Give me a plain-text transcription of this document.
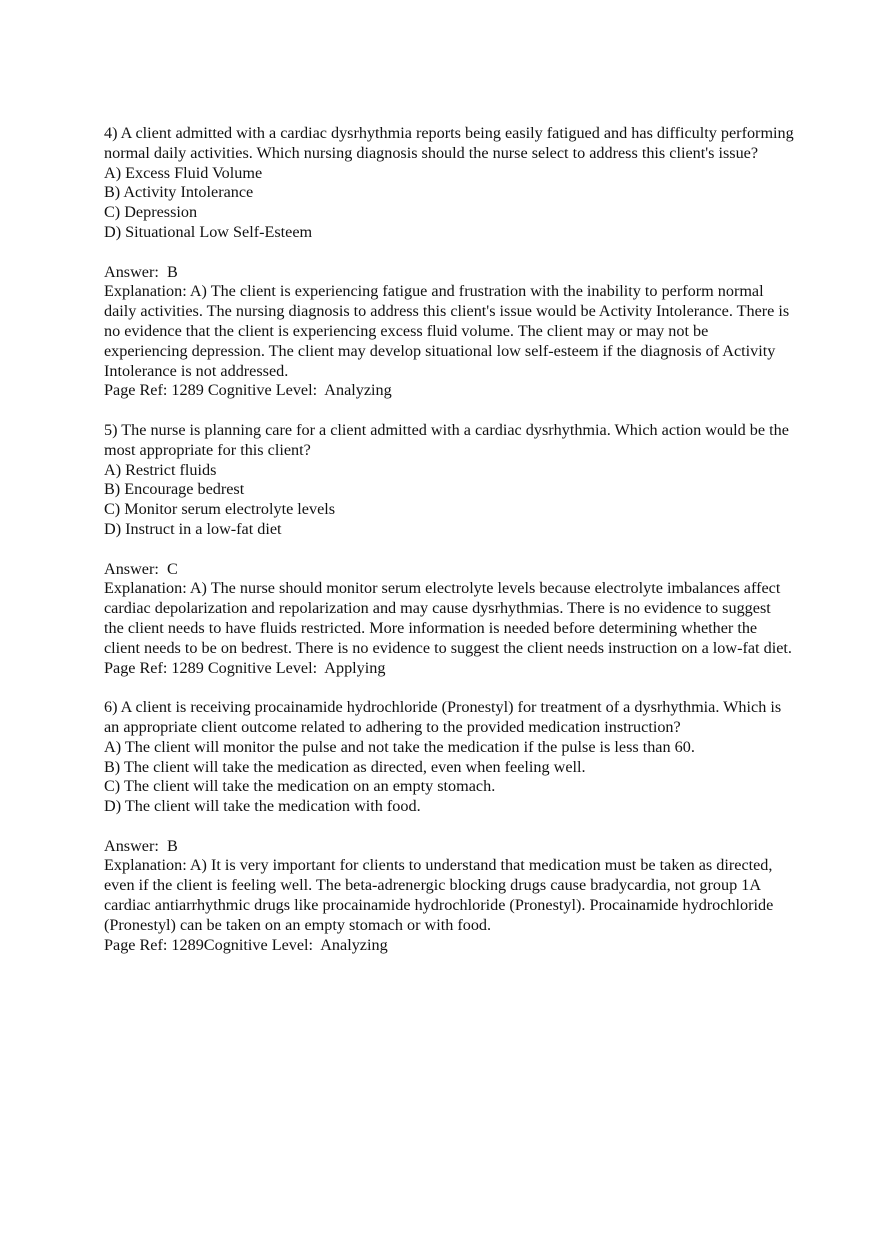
4) A client admitted with a cardiac dysrhythmia reports being easily fatigued and has difficulty performing normal daily activities. Which nursing diagnosis should the nurse select to address this client's issue?
A) Excess Fluid Volume
B) Activity Intolerance
C) Depression
D) Situational Low Self-Esteem
Answer:  B
Explanation: A) The client is experiencing fatigue and frustration with the inability to perform normal daily activities. The nursing diagnosis to address this client's issue would be Activity Intolerance. There is no evidence that the client is experiencing excess fluid volume. The client may or may not be experiencing depression. The client may develop situational low self-esteem if the diagnosis of Activity Intolerance is not addressed.
Page Ref: 1289 Cognitive Level:  Analyzing
5) The nurse is planning care for a client admitted with a cardiac dysrhythmia. Which action would be the most appropriate for this client?
A) Restrict fluids
B) Encourage bedrest
C) Monitor serum electrolyte levels
D) Instruct in a low-fat diet
Answer:  C
Explanation: A) The nurse should monitor serum electrolyte levels because electrolyte imbalances affect cardiac depolarization and repolarization and may cause dysrhythmias. There is no evidence to suggest the client needs to have fluids restricted. More information is needed before determining whether the client needs to be on bedrest. There is no evidence to suggest the client needs instruction on a low-fat diet.
Page Ref: 1289 Cognitive Level:  Applying
6) A client is receiving procainamide hydrochloride (Pronestyl) for treatment of a dysrhythmia. Which is an appropriate client outcome related to adhering to the provided medication instruction?
A) The client will monitor the pulse and not take the medication if the pulse is less than 60.
B) The client will take the medication as directed, even when feeling well.
C) The client will take the medication on an empty stomach.
D) The client will take the medication with food.
Answer:  B
Explanation: A) It is very important for clients to understand that medication must be taken as directed, even if the client is feeling well. The beta-adrenergic blocking drugs cause bradycardia, not group 1A cardiac antiarrhythmic drugs like procainamide hydrochloride (Pronestyl). Procainamide hydrochloride (Pronestyl) can be taken on an empty stomach or with food.
Page Ref: 1289Cognitive Level:  Analyzing
